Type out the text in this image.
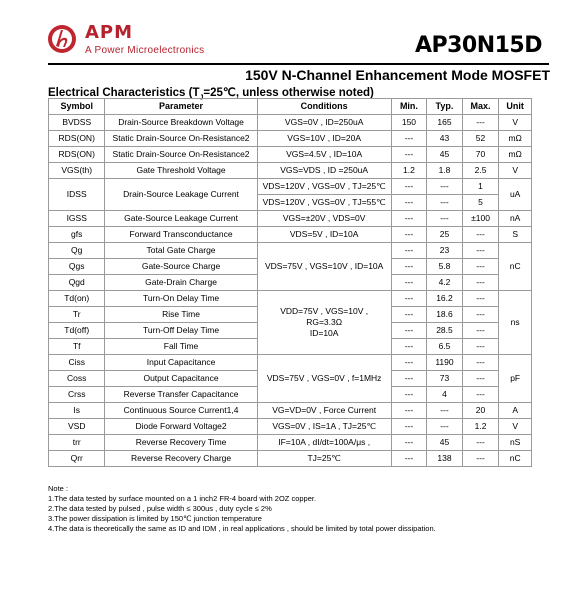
APM
A Power Microelectronics	AP30N15D
150V N-Channel Enhancement Mode MOSFET
Electrical Characteristics ($T_J=25℃$, unless otherwise noted)
Symbol	Parameter	Conditions	Min.	Typ.	Max.	Unit
BVDSS	Drain-Source Breakdown Voltage	VGS=0V , ID=250uA	150	165	---	V
RDS(ON)	Static Drain-Source On-Resistance2	VGS=10V , ID=20A	---	43	52	mΩ
RDS(ON)	Static Drain-Source On-Resistance2	VGS=4.5V , ID=10A	---	45	70	mΩ
VGS(th)	Gate Threshold Voltage	VGS=VDS , ID =250uA	1.2	1.8	2.5	V
IDSS	Drain-Source Leakage Current	VDS=120V , VGS=0V , TJ=25℃	---	---	1	uA
		VDS=120V , VGS=0V , TJ=55℃	---	---	5	
IGSS	Gate-Source Leakage Current	VGS=±20V , VDS=0V	---	---	±100	nA
gfs	Forward Transconductance	VDS=5V , ID=10A	---	25	---	S
Qg	Total Gate Charge	VDS=75V , VGS=10V , ID=10A	---	23	---	nC
Qgs	Gate-Source Charge		---	5.8	---	
Qgd	Gate-Drain Charge		---	4.2	---	
Td(on)	Turn-On Delay Time	VDD=75V , VGS=10V ,
RG=3.3Ω
ID=10A	---	16.2	---	ns
Tr	Rise Time		---	18.6	---	
Td(off)	Turn-Off Delay Time		---	28.5	---	
Tf	Fall Time		---	6.5	---	
Ciss	Input Capacitance	VDS=75V , VGS=0V , f=1MHz	---	1190	---	pF
Coss	Output Capacitance		---	73	---	
Crss	Reverse Transfer Capacitance		---	4	---	
Is	Continuous Source Current1,4	VG=VD=0V , Force Current	---	---	20	A
VSD	Diode Forward Voltage2	VGS=0V , IS=1A , TJ=25℃	---	---	1.2	V
trr	Reverse Recovery Time	IF=10A , dI/dt=100A/μs ,	---	45	---	nS
Qrr	Reverse Recovery Charge	TJ=25℃	---	138	---	nC
Note :
1.The data tested by surface mounted on a 1 inch2 FR-4 board with 2OZ copper.
2.The data tested by pulsed , pulse width ≤ 300us , duty cycle ≤ 2%
3.The power dissipation is limited by 150℃ junction temperature
4.The data is theoretically the same as ID and IDM , in real applications , should be limited by total power dissipation.
